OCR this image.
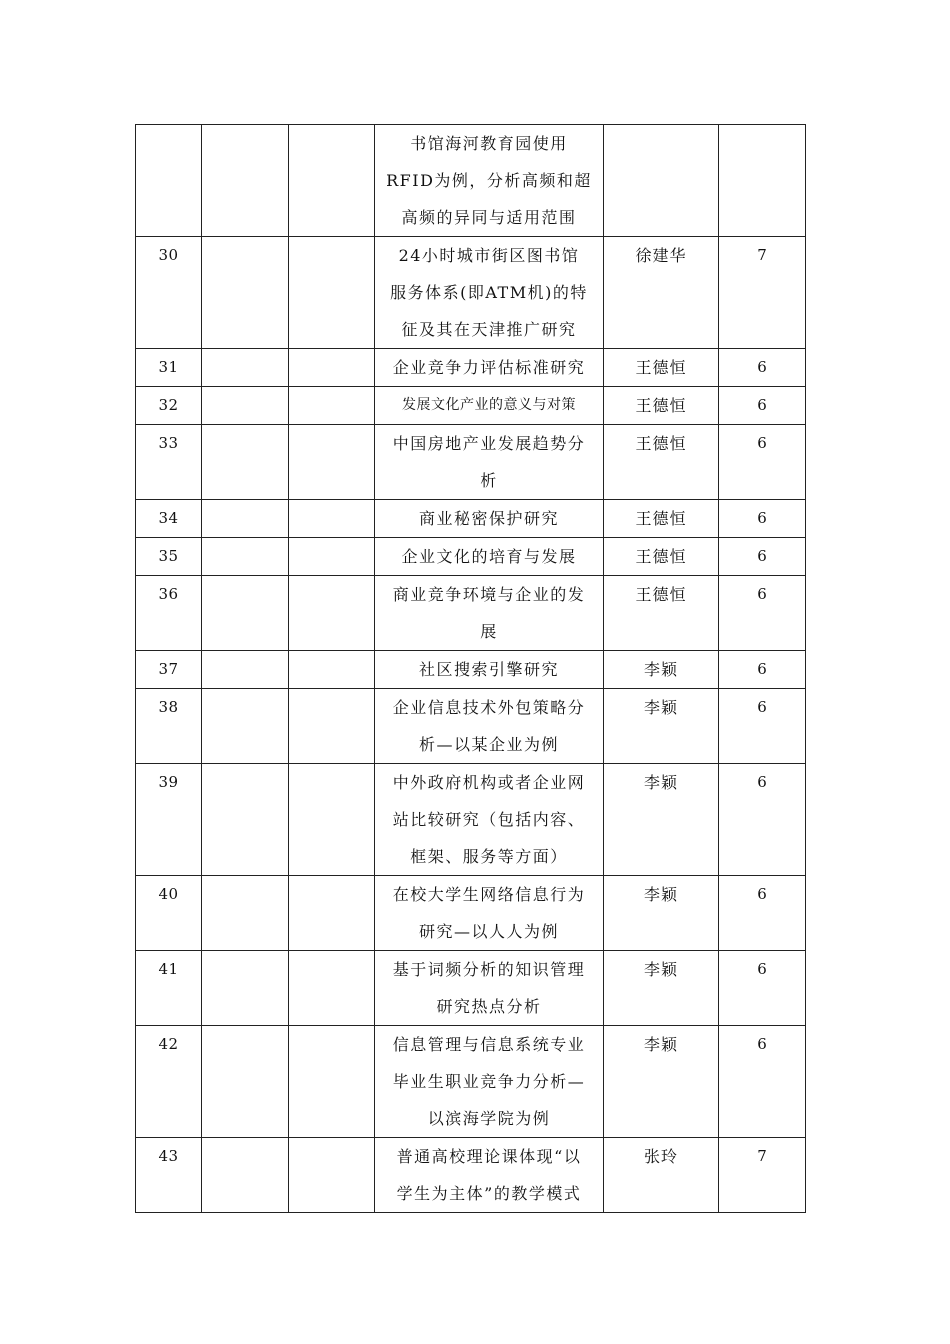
			书馆海河教育园使用
RFID为例，分析高频和超
高频的异同与适用范围		

30			24小时城市街区图书馆
服务体系(即ATM机)的特
征及其在天津推广研究	徐建华	7
31			企业竞争力评估标准研究	王德恒	6
32			发展文化产业的意义与对策	王德恒	6
33			中国房地产业发展趋势分
析	王德恒	6
34			商业秘密保护研究	王德恒	6
35			企业文化的培育与发展	王德恒	6
36			商业竞争环境与企业的发
展	王德恒	6
37			社区搜索引擎研究	李颖	6
38			企业信息技术外包策略分
析—以某企业为例	李颖	6
39			中外政府机构或者企业网
站比较研究（包括内容、
框架、服务等方面）	李颖	6
40			在校大学生网络信息行为
研究—以人人为例	李颖	6
41			基于词频分析的知识管理
研究热点分析	李颖	6
42			信息管理与信息系统专业
毕业生职业竞争力分析—
以滨海学院为例	李颖	6
43			普通高校理论课体现“以
学生为主体”的教学模式	张玲	7
